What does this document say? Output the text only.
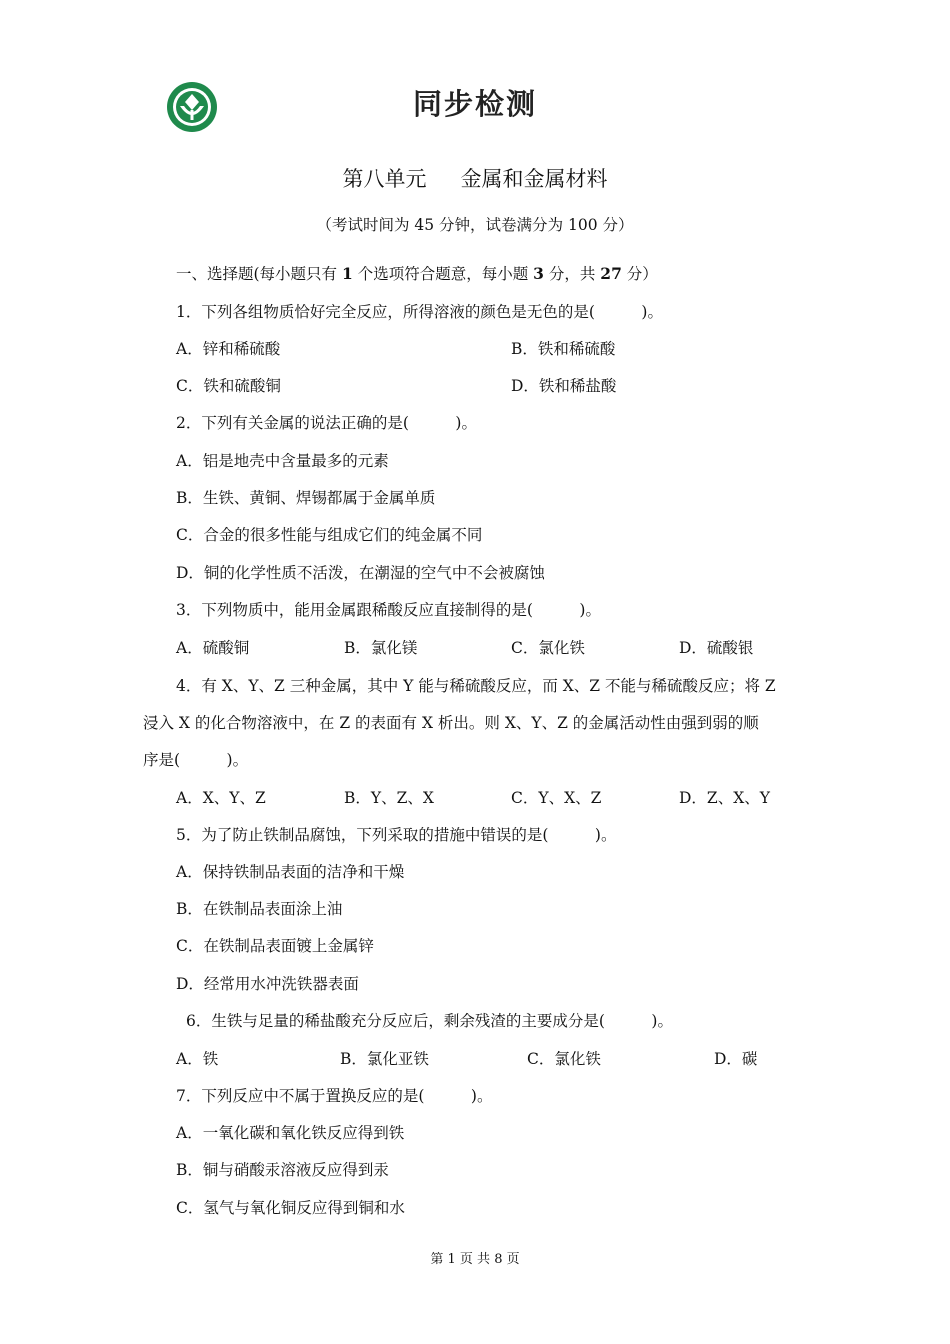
同步检测
第八单元 金属和金属材料
（考试时间为 45 分钟，试卷满分为 100 分）
一、选择题(每小题只有 1 个选项符合题意，每小题 3 分，共 27 分）
1．下列各组物质恰好完全反应，所得溶液的颜色是无色的是(　　　)。
A．锌和稀硫酸	B．铁和稀硫酸
C．铁和硫酸铜	D．铁和稀盐酸
2．下列有关金属的说法正确的是(　　　)。
A．铝是地壳中含量最多的元素
B．生铁、黄铜、焊锡都属于金属单质
C．合金的很多性能与组成它们的纯金属不同
D．铜的化学性质不活泼，在潮湿的空气中不会被腐蚀
3．下列物质中，能用金属跟稀酸反应直接制得的是(　　　)。
A．硫酸铜	B．氯化镁	C．氯化铁	D．硫酸银
4．有 X、Y、Z 三种金属，其中 Y 能与稀硫酸反应，而 X、Z 不能与稀硫酸反应；将 Z
浸入 X 的化合物溶液中，在 Z 的表面有 X 析出。则 X、Y、Z 的金属活动性由强到弱的顺
序是(　　　)。
A．X、Y、Z	B．Y、Z、X	C．Y、X、Z	D．Z、X、Y
5．为了防止铁制品腐蚀，下列采取的措施中错误的是(　　　)。
A．保持铁制品表面的洁净和干燥
B．在铁制品表面涂上油
C．在铁制品表面镀上金属锌
D．经常用水冲洗铁器表面
6．生铁与足量的稀盐酸充分反应后，剩余残渣的主要成分是(　　　)。
A．铁	B．氯化亚铁	C．氯化铁	D．碳
7．下列反应中不属于置换反应的是(　　　)。
A．一氧化碳和氧化铁反应得到铁
B．铜与硝酸汞溶液反应得到汞
C．氢气与氧化铜反应得到铜和水
第 1 页 共 8 页
